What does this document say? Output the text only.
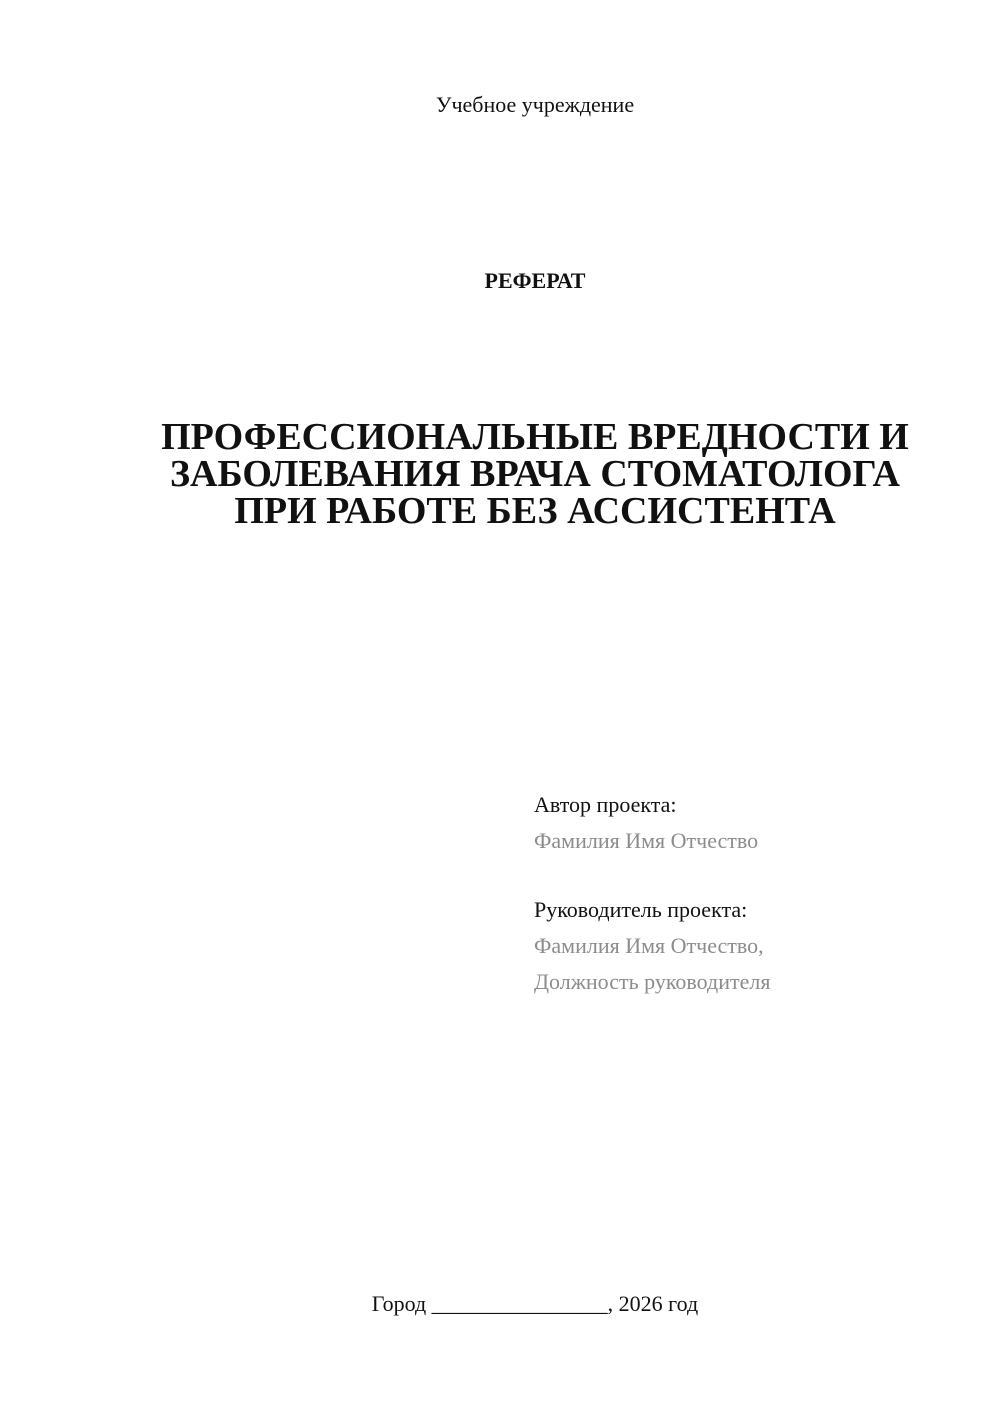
Учебное учреждение
РЕФЕРАТ
ПРОФЕССИОНАЛЬНЫЕ ВРЕДНОСТИ И
ЗАБОЛЕВАНИЯ ВРАЧА СТОМАТОЛОГА
ПРИ РАБОТЕ БЕЗ АССИСТЕНТА
Автор проекта:
Фамилия Имя Отчество
Руководитель проекта:
Фамилия Имя Отчество,
Должность руководителя
Город ________________, 2026 год
